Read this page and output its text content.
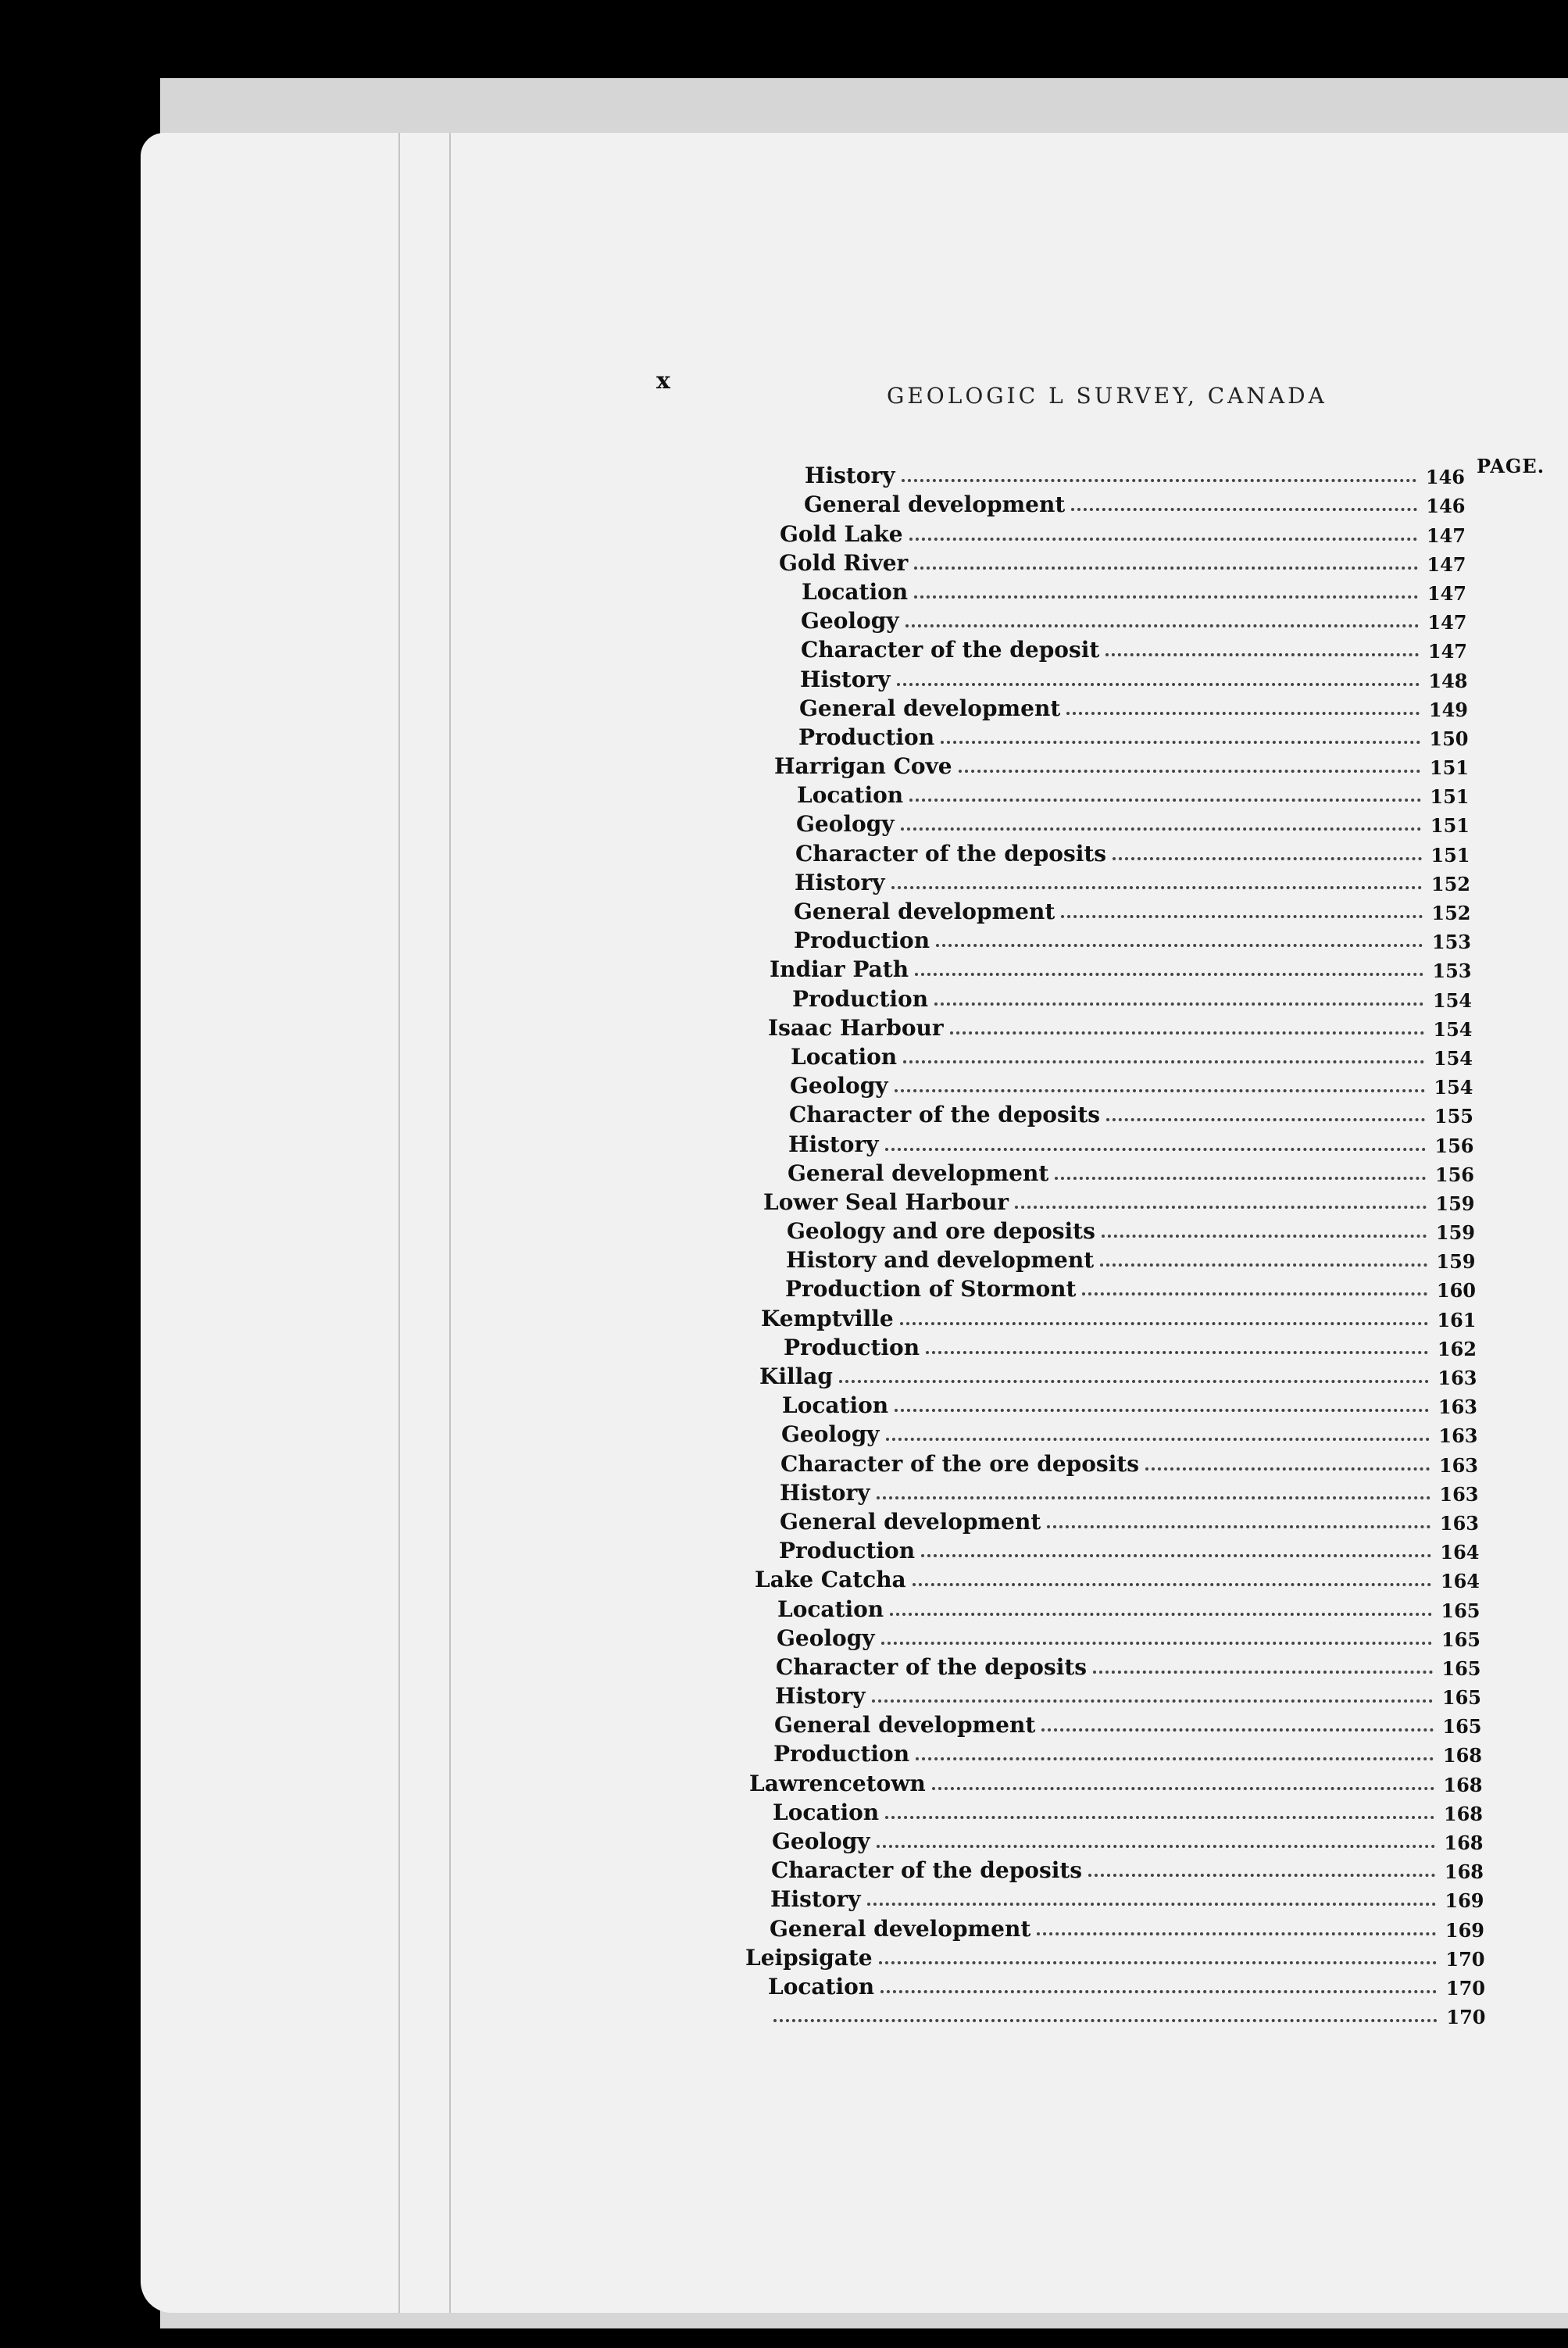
x
GEOLOGIC L SURVEY, CANADA
PAGE.
History	146
General development	146
Gold Lake	147
Gold River	147
Location	147
Geology	147
Character of the deposit	147
History	148
General development	149
Production	150
Harrigan Cove	151
Location	151
Geology	151
Character of the deposits	151
History	152
General development	152
Production	153
Indiar Path	153
Production	154
Isaac Harbour	154
Location	154
Geology	154
Character of the deposits	155
History	156
General development	156
Lower Seal Harbour	159
Geology and ore deposits	159
History and development	159
Production of Stormont	160
Kemptville	161
Production	162
Killag	163
Location	163
Geology	163
Character of the ore deposits	163
History	163
General development	163
Production	164
Lake Catcha	164
Location	165
Geology	165
Character of the deposits	165
History	165
General development	165
Production	168
Lawrencetown	168
Location	168
Geology	168
Character of the deposits	168
History	169
General development	169
Leipsigate	170
Location	170
170
